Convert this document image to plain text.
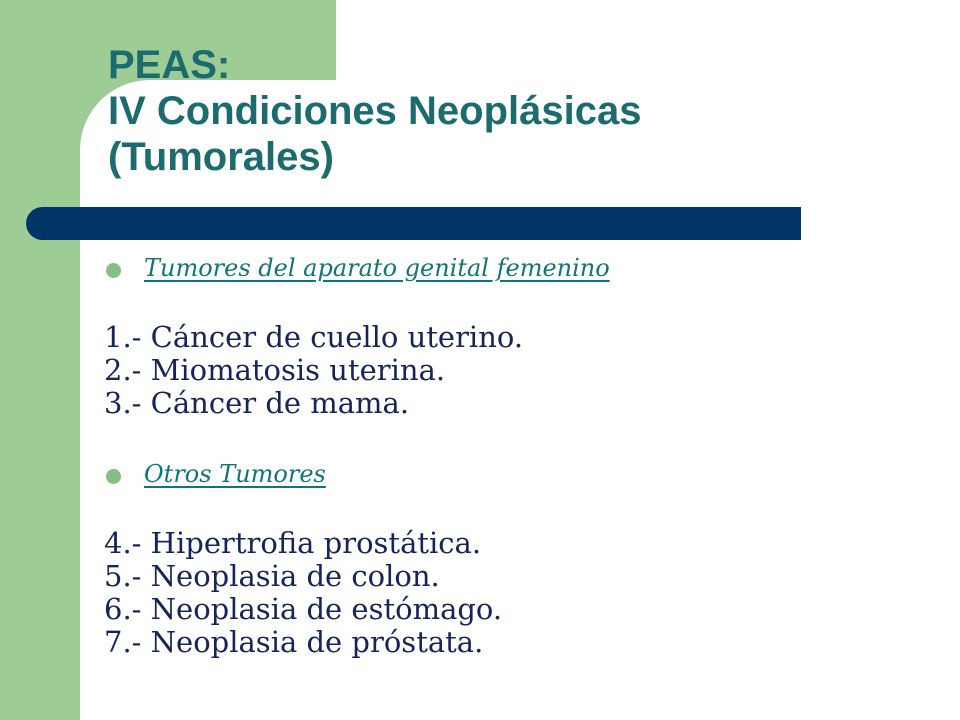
PEAS:
IV Condiciones Neoplásicas
(Tumorales)
Tumores del aparato genital femenino
1.- Cáncer de cuello uterino.
2.- Miomatosis uterina.
3.- Cáncer de mama.
Otros Tumores
4.- Hipertrofia prostática.
5.- Neoplasia de colon.
6.- Neoplasia de estómago.
7.- Neoplasia de próstata.
